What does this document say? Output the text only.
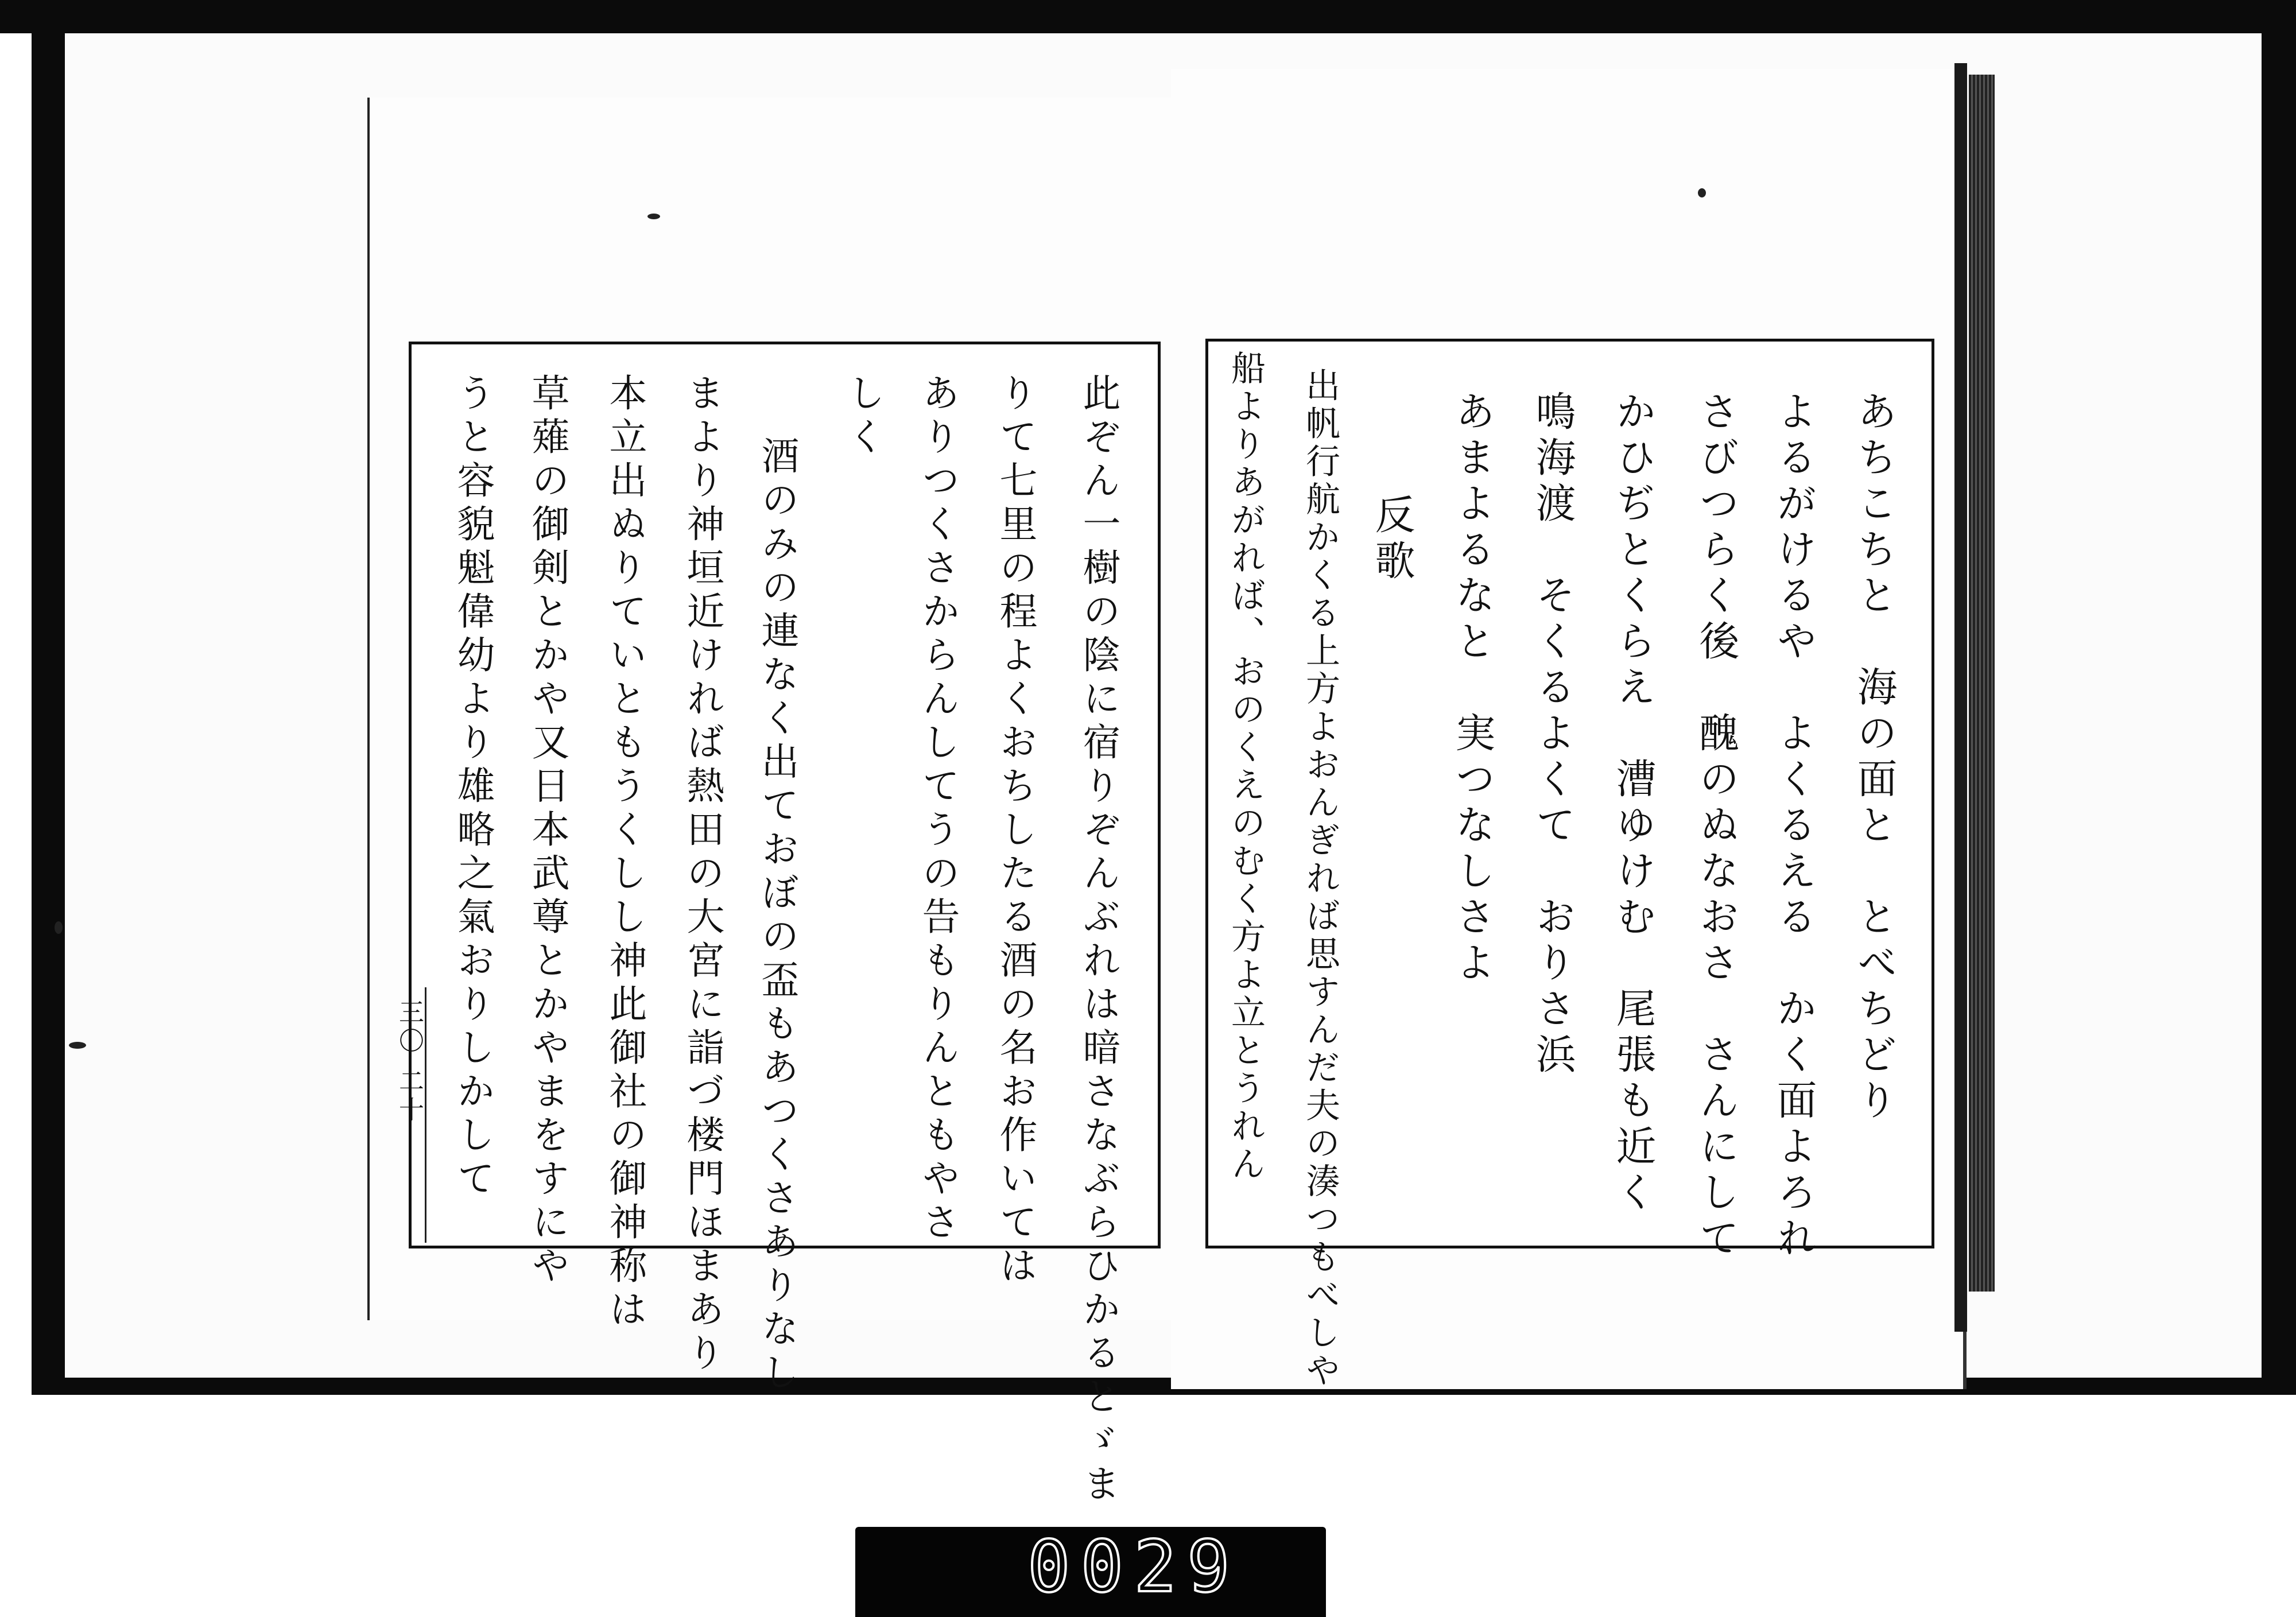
此ぞん一樹の陰に宿りぞんぶれは暗さなぶらひかるとゞま
りて七里の程よくおちしたる酒の名お作いては
ありつくさからんしてうの告もりんともやさ
しく
酒のみの連なく出ておぼの盃もあつくさありなし
まより神垣近ければ熱田の大宮に詣づ楼門ほまあり
本立出ぬりていともうくしし神此御社の御神称は
草薙の御剣とかや又日本武尊とかやまをすにや
うと容貌魁偉幼より雄略之氣おりしかして
三〇 二十	あちこちと　海の面と　とべちどり
よるがけるや　よくるえる　かく面よろれ
さびつらく後　醜のぬなおさ　さんにして
かひぢとくらえ　漕ゆけむ　尾張も近く
鳴海渡　そくるよくて　おりさ浜
あまよるなと　実つなしさよ
反歌
出帆行航かくる上方よおんぎれば思すんだ夫の湊つもべしや
船よりあがれば、おのくえのむく方よ立とうれん
0029
